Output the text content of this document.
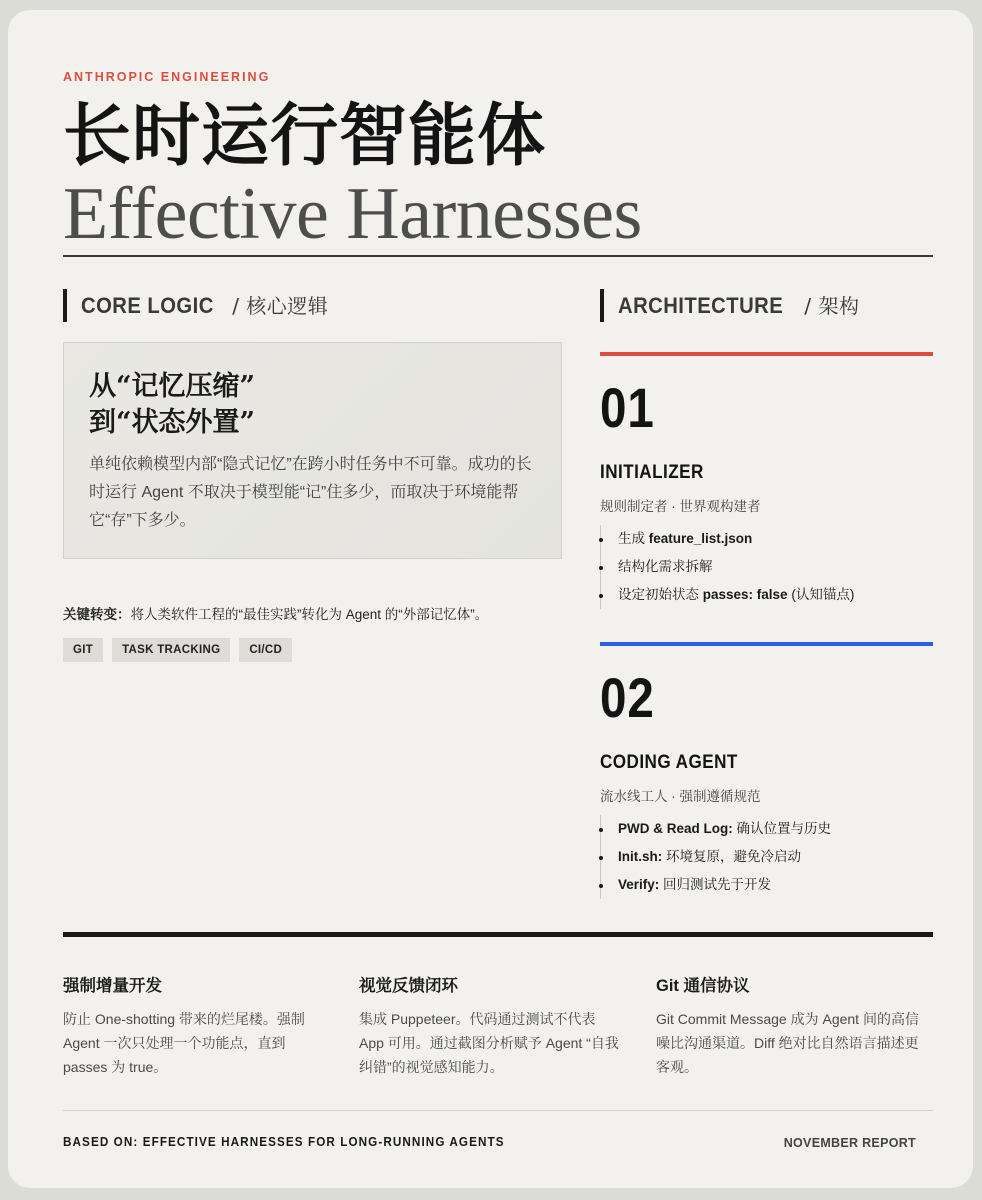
ANTHROPIC ENGINEERING
长时运行智能体
Effective Harnesses
CORE LOGIC / 核心逻辑
从“记忆压缩”
到“状态外置”
单纯依赖模型内部“隐式记忆”在跨小时任务中不可靠。成功的长时运行 Agent 不取决于模型能“记”住多少，而取决于环境能帮它“存”下多少。
关键转变：将人类软件工程的“最佳实践”转化为 Agent 的“外部记忆体”。
GIT	TASK TRACKING	CI/CD
ARCHITECTURE / 架构
01
INITIALIZER
规则制定者 · 世界观构建者
生成 feature_list.json
结构化需求拆解
设定初始状态 passes: false (认知锚点)
02
CODING AGENT
流水线工人 · 强制遵循规范
PWD & Read Log: 确认位置与历史
Init.sh: 环境复原，避免冷启动
Verify: 回归测试先于开发
强制增量开发

防止 One-shotting 带来的烂尾楼。强制 Agent 一次只处理一个功能点，直到 passes 为 true。

视觉反馈闭环

集成 Puppeteer。代码通过测试不代表 App 可用。通过截图分析赋予 Agent “自我纠错”的视觉感知能力。

Git 通信协议

Git Commit Message 成为 Agent 间的高信噪比沟通渠道。Diff 绝对比自然语言描述更客观。

BASED ON: EFFECTIVE HARNESSES FOR LONG-RUNNING AGENTS	NOVEMBER REPORT
